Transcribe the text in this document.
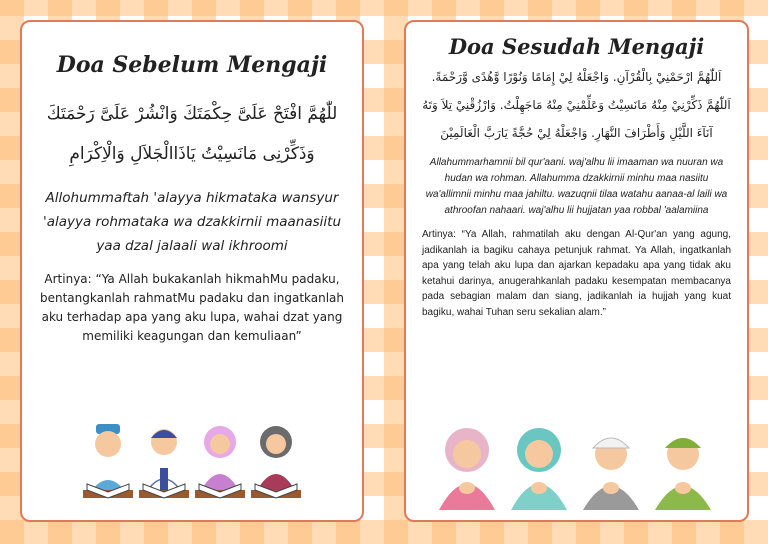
Doa Sebelum Mengaji

للّٰهُمَّ افْتَحْ عَلَىَّ حِكْمَتَكَ وَانْشُرْ عَلَىَّ رَحْمَتَكَ وَذَكِّرْنِى مَانَسِيْتُ يَاذَاالْجَلاَلِ وَالْاِكْرَامِ

Allohummaftah 'alayya hikmataka wansyur 'alayya rohmataka wa dzakkirnii maanasiitu yaa dzal jalaali wal ikhroomi

Artinya: “Ya Allah bukakanlah hikmahMu padaku, bentangkanlah rahmatMu padaku dan ingatkanlah aku terhadap apa yang aku lupa, wahai dzat yang memiliki keagungan dan kemuliaan”

Doa Sesudah Mengaji

اَللّٰهُمَّ ارْحَمْنِيْ بِالْقُرْآنِ. وَاجْعَلْهُ لِيْ إِمَامًا وَنُوْرًا وَّهُدًى وَّرَحْمَةً. اَللّٰهُمَّ ذَكِّرْنِيْ مِنْهُ مَانَسِيْتُ وَعَلِّمْنِيْ مِنْهُ مَاجَهِلْتُ. وَارْزُقْنِيْ تِلاَ وَتَهُ آنَآءَ اللَّيْلِ وَأَطْرَافَ النَّهَارِ. وَاجْعَلْهُ لِيْ حُجَّةً يَارَبَّ الْعَالَمِيْنَ

Allahummarhamnii bil qur'aani. waj'alhu lii imaaman wa nuuran wa hudan wa rohman. Allahumma dzakkirnii minhu maa nasiitu wa'allimnii minhu maa jahiltu. wazuqnii tilaa watahu aanaa-al laili wa athroofan nahaari. waj'alhu lii hujjatan yaa robbal 'aalamiina

Artinya: “Ya Allah, rahmatilah aku dengan Al-Qur'an yang agung, jadikanlah ia bagiku cahaya petunjuk rahmat. Ya Allah, ingatkanlah apa yang telah aku lupa dan ajarkan kepadaku apa yang tidak aku ketahui darinya, anugerahkanlah padaku kesempatan membacanya pada sebagian malam dan siang, jadikanlah ia hujjah yang kuat bagiku, wahai Tuhan seru sekalian alam.”
